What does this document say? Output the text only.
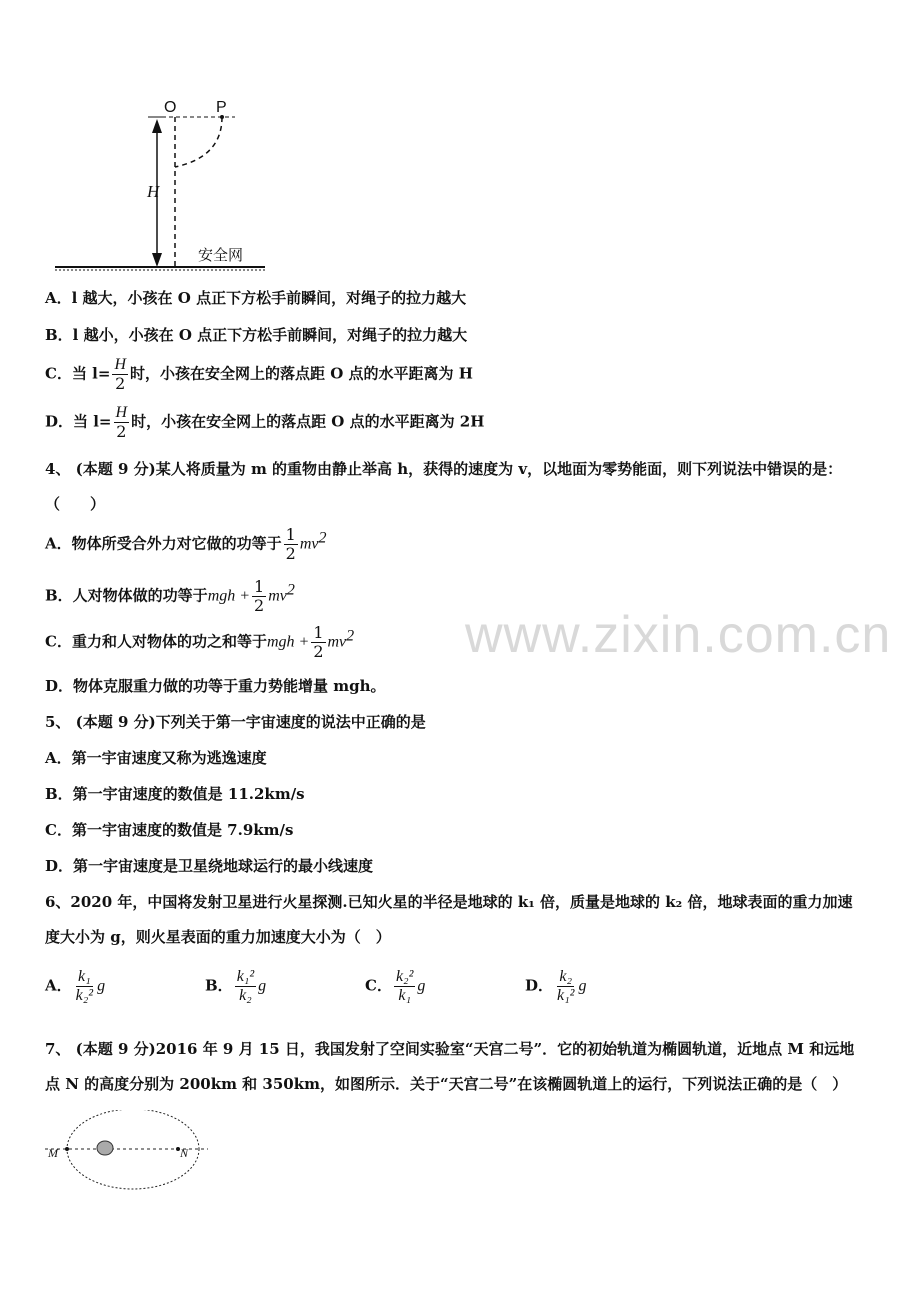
O P
H
安全网
A．l 越大，小孩在 O 点正下方松手前瞬间，对绳子的拉力越大
B．l 越小，小孩在 O 点正下方松手前瞬间，对绳子的拉力越大
C．当 $l= \frac{H}{2}$ 时，小孩在安全网上的落点距 O 点的水平距离为 H
D．当 $l= \frac{H}{2}$ 时，小孩在安全网上的落点距 O 点的水平距离为 2H
4、 (本题 9 分)某人将质量为 m 的重物由静止举高 h，获得的速度为 v，以地面为零势能面，则下列说法中错误的是：
（　　）
A．物体所受合外力对它做的功等于 $\frac{1}{2} mv^2$
B．人对物体做的功等于mgh + $\frac{1}{2} mv^2$
C．重力和人对物体的功之和等于mgh + $\frac{1}{2} mv^2$
D．物体克服重力做的功等于重力势能增量 mgh。
5、 (本题 9 分)下列关于第一宇宙速度的说法中正确的是
A．第一宇宙速度又称为逃逸速度
B．第一宇宙速度的数值是 11.2km/s
C．第一宇宙速度的数值是 7.9km/s
D．第一宇宙速度是卫星绕地球运行的最小线速度
6、2020 年，中国将发射卫星进行火星探测.已知火星的半径是地球的 k₁ 倍，质量是地球的 k₂ 倍，地球表面的重力加速
度大小为 g，则火星表面的重力加速度大小为（　）
A． $\frac{\text{k₁}}{\text{k₂²}}$ g	B． $\frac{\text{k₁²}}{\text{k₂}}$ g	C． $\frac{\text{k₂²}}{\text{k₁}}$ g	D． $\frac{\text{k₂}}{\text{k₁²}}$ g
7、 (本题 9 分)2016 年 9 月 15 日，我国发射了空间实验室“天宫二号”．它的初始轨道为椭圆轨道，近地点 M 和远地
点 N 的高度分别为 200km 和 350km，如图所示．关于“天宫二号”在该椭圆轨道上的运行，下列说法正确的是（　）
M	N
www.zixin.com.cn
